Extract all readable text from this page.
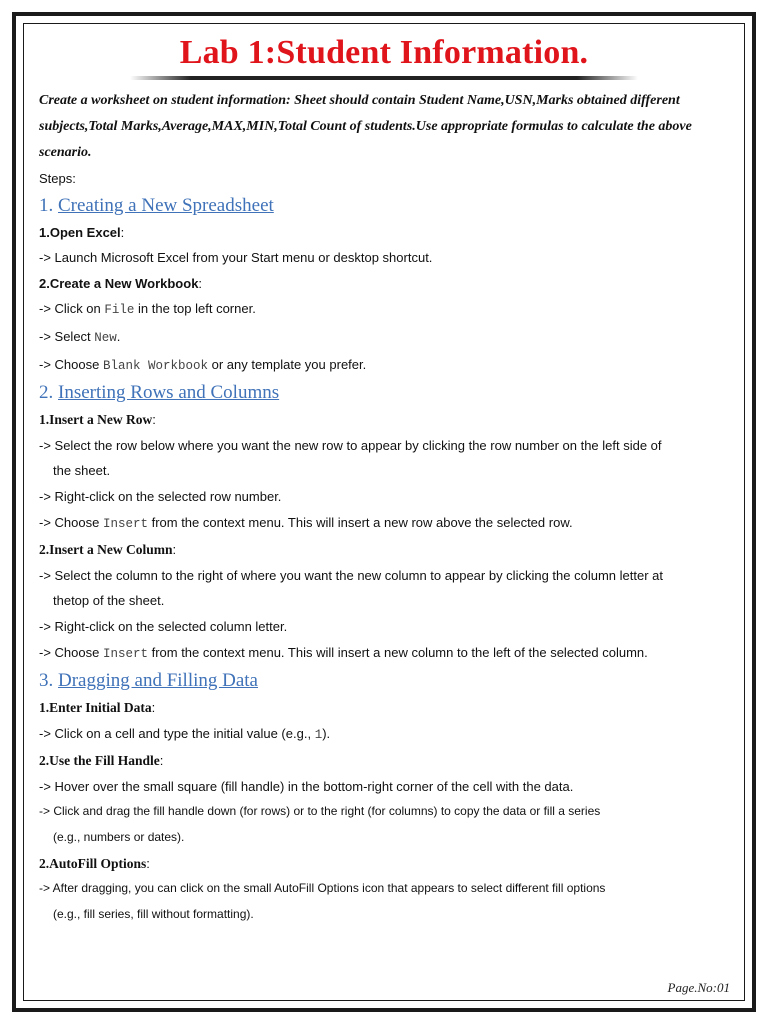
Lab 1:Student Information.

Create a worksheet on student information: Sheet should contain Student Name,USN,Marks obtained different subjects,Total Marks,Average,MAX,MIN,Total Count of students.Use appropriate formulas to calculate the above scenario.

Steps:
1. Creating a New Spreadsheet
1.Open Excel:
-> Launch Microsoft Excel from your Start menu or desktop shortcut.
2.Create a New Workbook:
-> Click on File in the top left corner.
-> Select New.
-> Choose Blank Workbook or any template you prefer.
2. Inserting Rows and Columns
1.Insert a New Row:
-> Select the row below where you want the new row to appear by clicking the row number on the left side of
the sheet.
-> Right-click on the selected row number.
-> Choose Insert from the context menu. This will insert a new row above the selected row.
2.Insert a New Column:
-> Select the column to the right of where you want the new column to appear by clicking the column letter at
thetop of the sheet.
-> Right-click on the selected column letter.
-> Choose Insert from the context menu. This will insert a new column to the left of the selected column.
3. Dragging and Filling Data
1.Enter Initial Data:
-> Click on a cell and type the initial value (e.g., 1).
2.Use the Fill Handle:
-> Hover over the small square (fill handle) in the bottom-right corner of the cell with the data.
-> Click and drag the fill handle down (for rows) or to the right (for columns) to copy the data or fill a series
(e.g., numbers or dates).
2.AutoFill Options:
-> After dragging, you can click on the small AutoFill Options icon that appears to select different fill options
(e.g., fill series, fill without formatting).
Page.No:01
